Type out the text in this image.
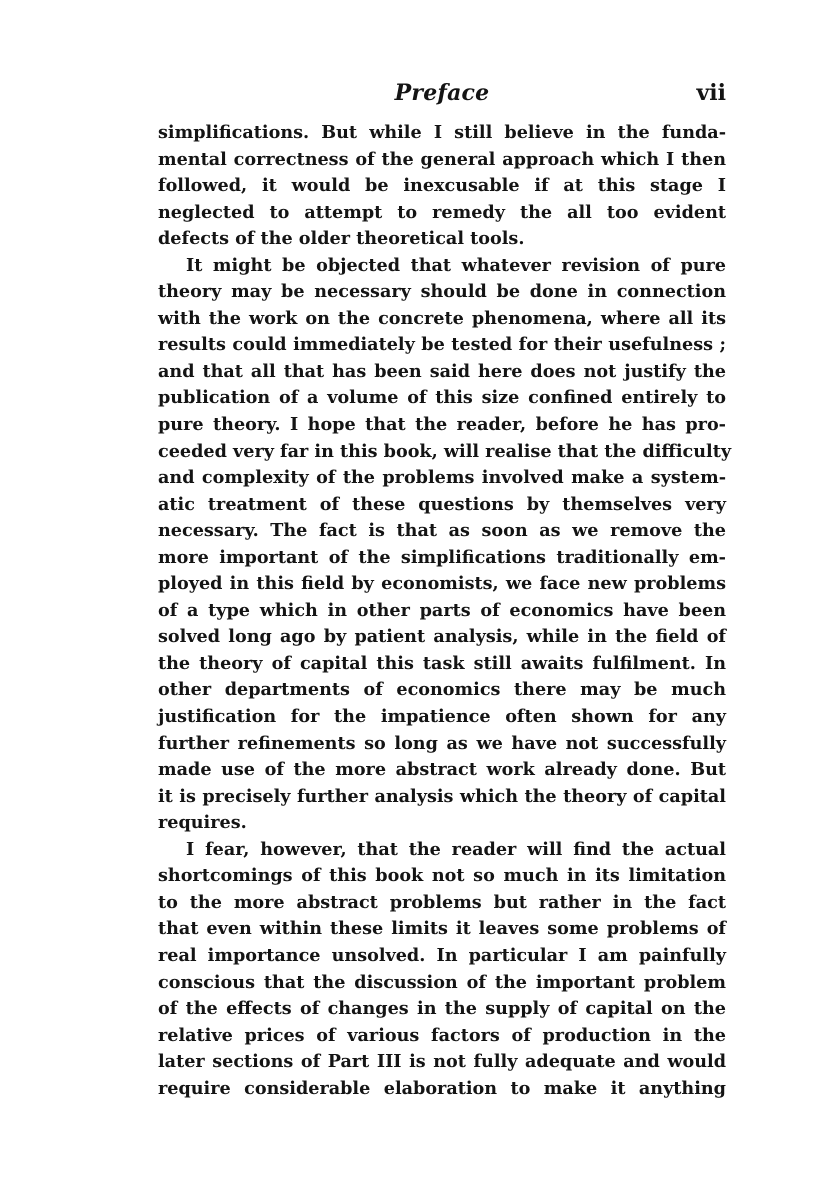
Preface	vii
simplifications. But while I still believe in the funda-
mental correctness of the general approach which I then
followed, it would be inexcusable if at this stage I
neglected to attempt to remedy the all too evident
defects of the older theoretical tools.
It might be objected that whatever revision of pure
theory may be necessary should be done in connection
with the work on the concrete phenomena, where all its
results could immediately be tested for their usefulness ;
and that all that has been said here does not justify the
publication of a volume of this size confined entirely to
pure theory. I hope that the reader, before he has pro-
ceeded very far in this book, will realise that the difficulty
and complexity of the problems involved make a system-
atic treatment of these questions by themselves very
necessary. The fact is that as soon as we remove the
more important of the simplifications traditionally em-
ployed in this field by economists, we face new problems
of a type which in other parts of economics have been
solved long ago by patient analysis, while in the field of
the theory of capital this task still awaits fulfilment. In
other departments of economics there may be much
justification for the impatience often shown for any
further refinements so long as we have not successfully
made use of the more abstract work already done. But
it is precisely further analysis which the theory of capital
requires.
I fear, however, that the reader will find the actual
shortcomings of this book not so much in its limitation
to the more abstract problems but rather in the fact
that even within these limits it leaves some problems of
real importance unsolved. In particular I am painfully
conscious that the discussion of the important problem
of the effects of changes in the supply of capital on the
relative prices of various factors of production in the
later sections of Part III is not fully adequate and would
require considerable elaboration to make it anything
